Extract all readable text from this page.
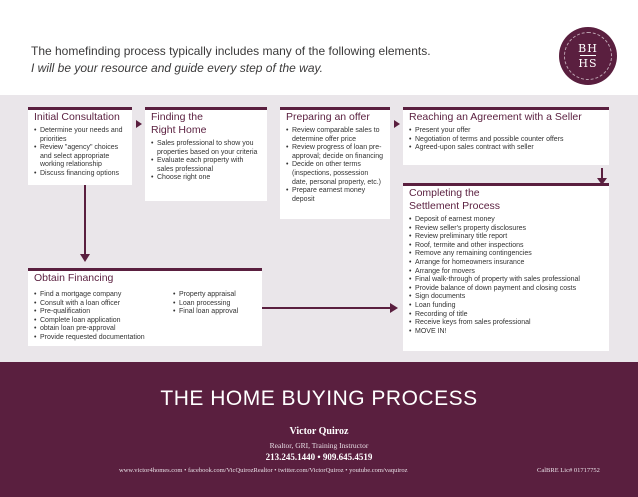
The homefinding process typically includes many of the following elements.
I will be your resource and guide every step of the way.
BH
HS
Initial Consultation
• Determine your needs and priorities
• Review "agency" choices and select appropriate working relationship
• Discuss financing options
Finding the
Right Home
• Sales professional to show you properties based on your criteria
• Evaluate each property with sales professional
• Choose right one
Preparing an offer
• Review comparable sales to determine offer price
• Review progress of loan pre-approval; decide on financing
• Decide on other terms (inspections, possession date, personal property, etc.)
• Prepare earnest money deposit
Reaching an Agreement with a Seller
• Present your offer
• Negotiation of terms and possible counter offers
• Agreed-upon sales contract with seller
Completing the
Settlement Process
• Deposit of earnest money
• Review seller's property disclosures
• Review preliminary title report
• Roof, termite and other inspections
• Remove any remaining contingencies
• Arrange for homeowners insurance
• Arrange for movers
• Final walk-through of property with sales professional
• Provide balance of down payment and closing costs
• Sign documents
• Loan funding
• Recording of title
• Receive keys from sales professional
• MOVE IN!
Obtain Financing
• Find a mortgage company
• Consult with a loan officer
• Pre-qualification
• Complete loan application
• obtain loan pre-approval
• Provide requested documentation
• Property appraisal
• Loan processing
• Final loan approval
THE HOME BUYING PROCESS
Victor Quiroz
Realtor, GRI, Training Instructor
213.245.1440 • 909.645.4519
www.victor4homes.com • facebook.com/VicQuirozRealtor • twitter.com/VictorQuiroz • youtube.com/vaquiroz	CalBRE Lic# 01717752
